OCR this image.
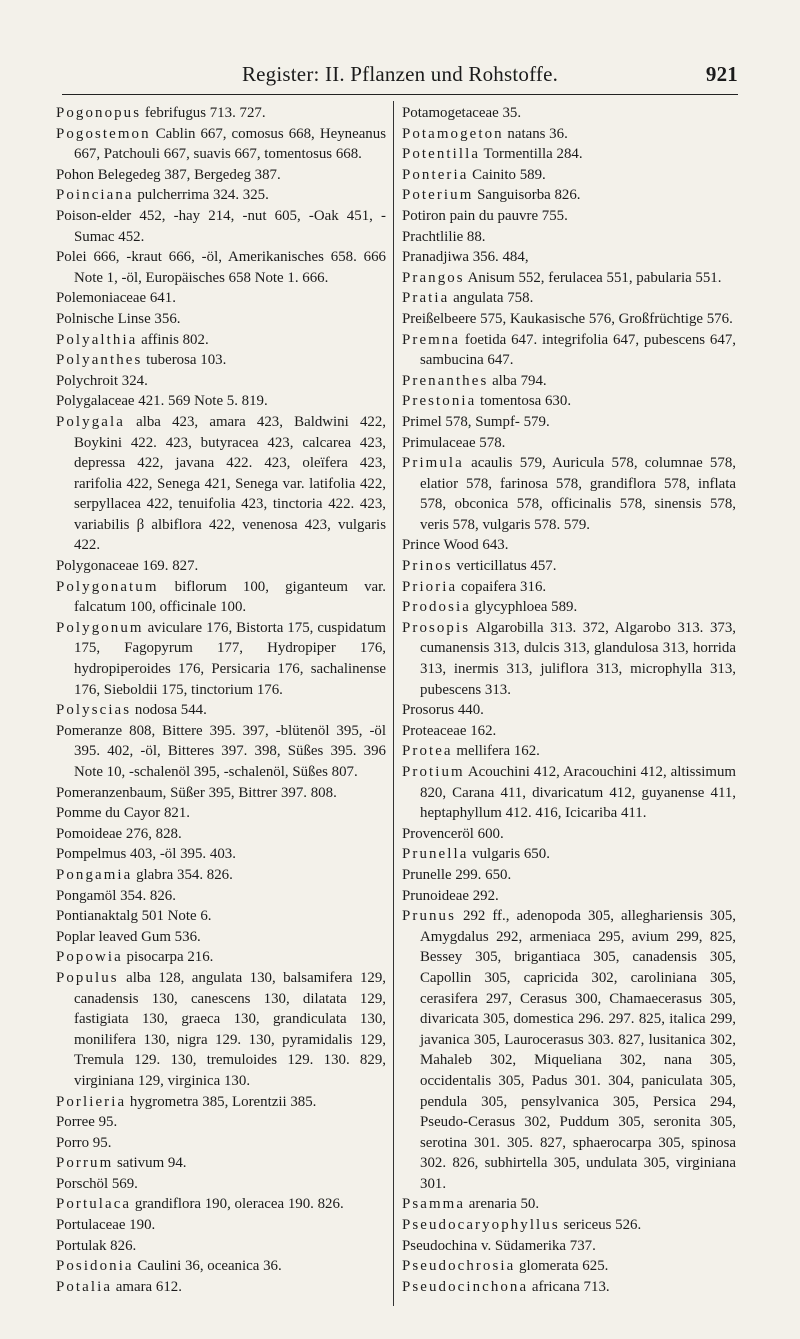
Register: II. Pflanzen und Rohstoffe.	921

Pogonopus febrifugus 713. 727.

Pogostemon Cablin 667, comosus 668, Heyneanus 667, Patchouli 667, suavis 667, tomentosus 668.

Pohon Belegedeg 387, Bergedeg 387.

Poinciana pulcherrima 324. 325.

Poison-elder 452, -hay 214, -nut 605, -Oak 451, -Sumac 452.

Polei 666, -kraut 666, -öl, Amerikanisches 658. 666 Note 1, -öl, Europäisches 658 Note 1. 666.

Polemoniaceae 641.

Polnische Linse 356.

Polyalthia affinis 802.

Polyanthes tuberosa 103.

Polychroit 324.

Polygalaceae 421. 569 Note 5. 819.

Polygala alba 423, amara 423, Baldwini 422, Boykini 422. 423, butyracea 423, calcarea 423, depressa 422, javana 422. 423, oleïfera 423, rarifolia 422, Senega 421, Senega var. latifolia 422, serpyllacea 422, tenuifolia 423, tinctoria 422. 423, variabilis β albiflora 422, venenosa 423, vulgaris 422.

Polygonaceae 169. 827.

Polygonatum biflorum 100, giganteum var. falcatum 100, officinale 100.

Polygonum aviculare 176, Bistorta 175, cuspidatum 175, Fagopyrum 177, Hydropiper 176, hydropiperoides 176, Persicaria 176, sachalinense 176, Sieboldii 175, tinctorium 176.

Polyscias nodosa 544.

Pomeranze 808, Bittere 395. 397, -blütenöl 395, -öl 395. 402, -öl, Bitteres 397. 398, Süßes 395. 396 Note 10, -schalenöl 395, -schalenöl, Süßes 807.

Pomeranzenbaum, Süßer 395, Bittrer 397. 808.

Pomme du Cayor 821.

Pomoideae 276, 828.

Pompelmus 403, -öl 395. 403.

Pongamia glabra 354. 826.

Pongamöl 354. 826.

Pontianaktalg 501 Note 6.

Poplar leaved Gum 536.

Popowia pisocarpa 216.

Populus alba 128, angulata 130, balsamifera 129, canadensis 130, canescens 130, dilatata 129, fastigiata 130, graeca 130, grandiculata 130, monilifera 130, nigra 129. 130, pyramidalis 129, Tremula 129. 130, tremuloides 129. 130. 829, virginiana 129, virginica 130.

Porlieria hygrometra 385, Lorentzii 385.

Porree 95.

Porro 95.

Porrum sativum 94.

Porschöl 569.

Portulaca grandiflora 190, oleracea 190. 826.

Portulaceae 190.

Portulak 826.

Posidonia Caulini 36, oceanica 36.

Potalia amara 612.

Potamogetaceae 35.

Potamogeton natans 36.

Potentilla Tormentilla 284.

Ponteria Cainito 589.

Poterium Sanguisorba 826.

Potiron pain du pauvre 755.

Prachtlilie 88.

Pranadjiwa 356. 484,

Prangos Anisum 552, ferulacea 551, pabularia 551.

Pratia angulata 758.

Preißelbeere 575, Kaukasische 576, Großfrüchtige 576.

Premna foetida 647. integrifolia 647, pubescens 647, sambucina 647.

Prenanthes alba 794.

Prestonia tomentosa 630.

Primel 578, Sumpf- 579.

Primulaceae 578.

Primula acaulis 579, Auricula 578, columnae 578, elatior 578, farinosa 578, grandiflora 578, inflata 578, obconica 578, officinalis 578, sinensis 578, veris 578, vulgaris 578. 579.

Prince Wood 643.

Prinos verticillatus 457.

Prioria copaifera 316.

Prodosia glycyphloea 589.

Prosopis Algarobilla 313. 372, Algarobo 313. 373, cumanensis 313, dulcis 313, glandulosa 313, horrida 313, inermis 313, juliflora 313, microphylla 313, pubescens 313.

Prosorus 440.

Proteaceae 162.

Protea mellifera 162.

Protium Acouchini 412, Aracouchini 412, altissimum 820, Carana 411, divaricatum 412, guyanense 411, heptaphyllum 412. 416, Icicariba 411.

Provenceröl 600.

Prunella vulgaris 650.

Prunelle 299. 650.

Prunoideae 292.

Prunus 292 ff., adenopoda 305, alleghariensis 305, Amygdalus 292, armeniaca 295, avium 299, 825, Bessey 305, brigantiaca 305, canadensis 305, Capollin 305, capricida 302, caroliniana 305, cerasifera 297, Cerasus 300, Chamaecerasus 305, divaricata 305, domestica 296. 297. 825, italica 299, javanica 305, Laurocerasus 303. 827, lusitanica 302, Mahaleb 302, Miqueliana 302, nana 305, occidentalis 305, Padus 301. 304, paniculata 305, pendula 305, pensylvanica 305, Persica 294, Pseudo-Cerasus 302, Puddum 305, seronita 305, serotina 301. 305. 827, sphaerocarpa 305, spinosa 302. 826, subhirtella 305, undulata 305, virginiana 301.

Psamma arenaria 50.

Pseudocaryophyllus sericeus 526.

Pseudochina v. Südamerika 737.

Pseudochrosia glomerata 625.

Pseudocinchona africana 713.
